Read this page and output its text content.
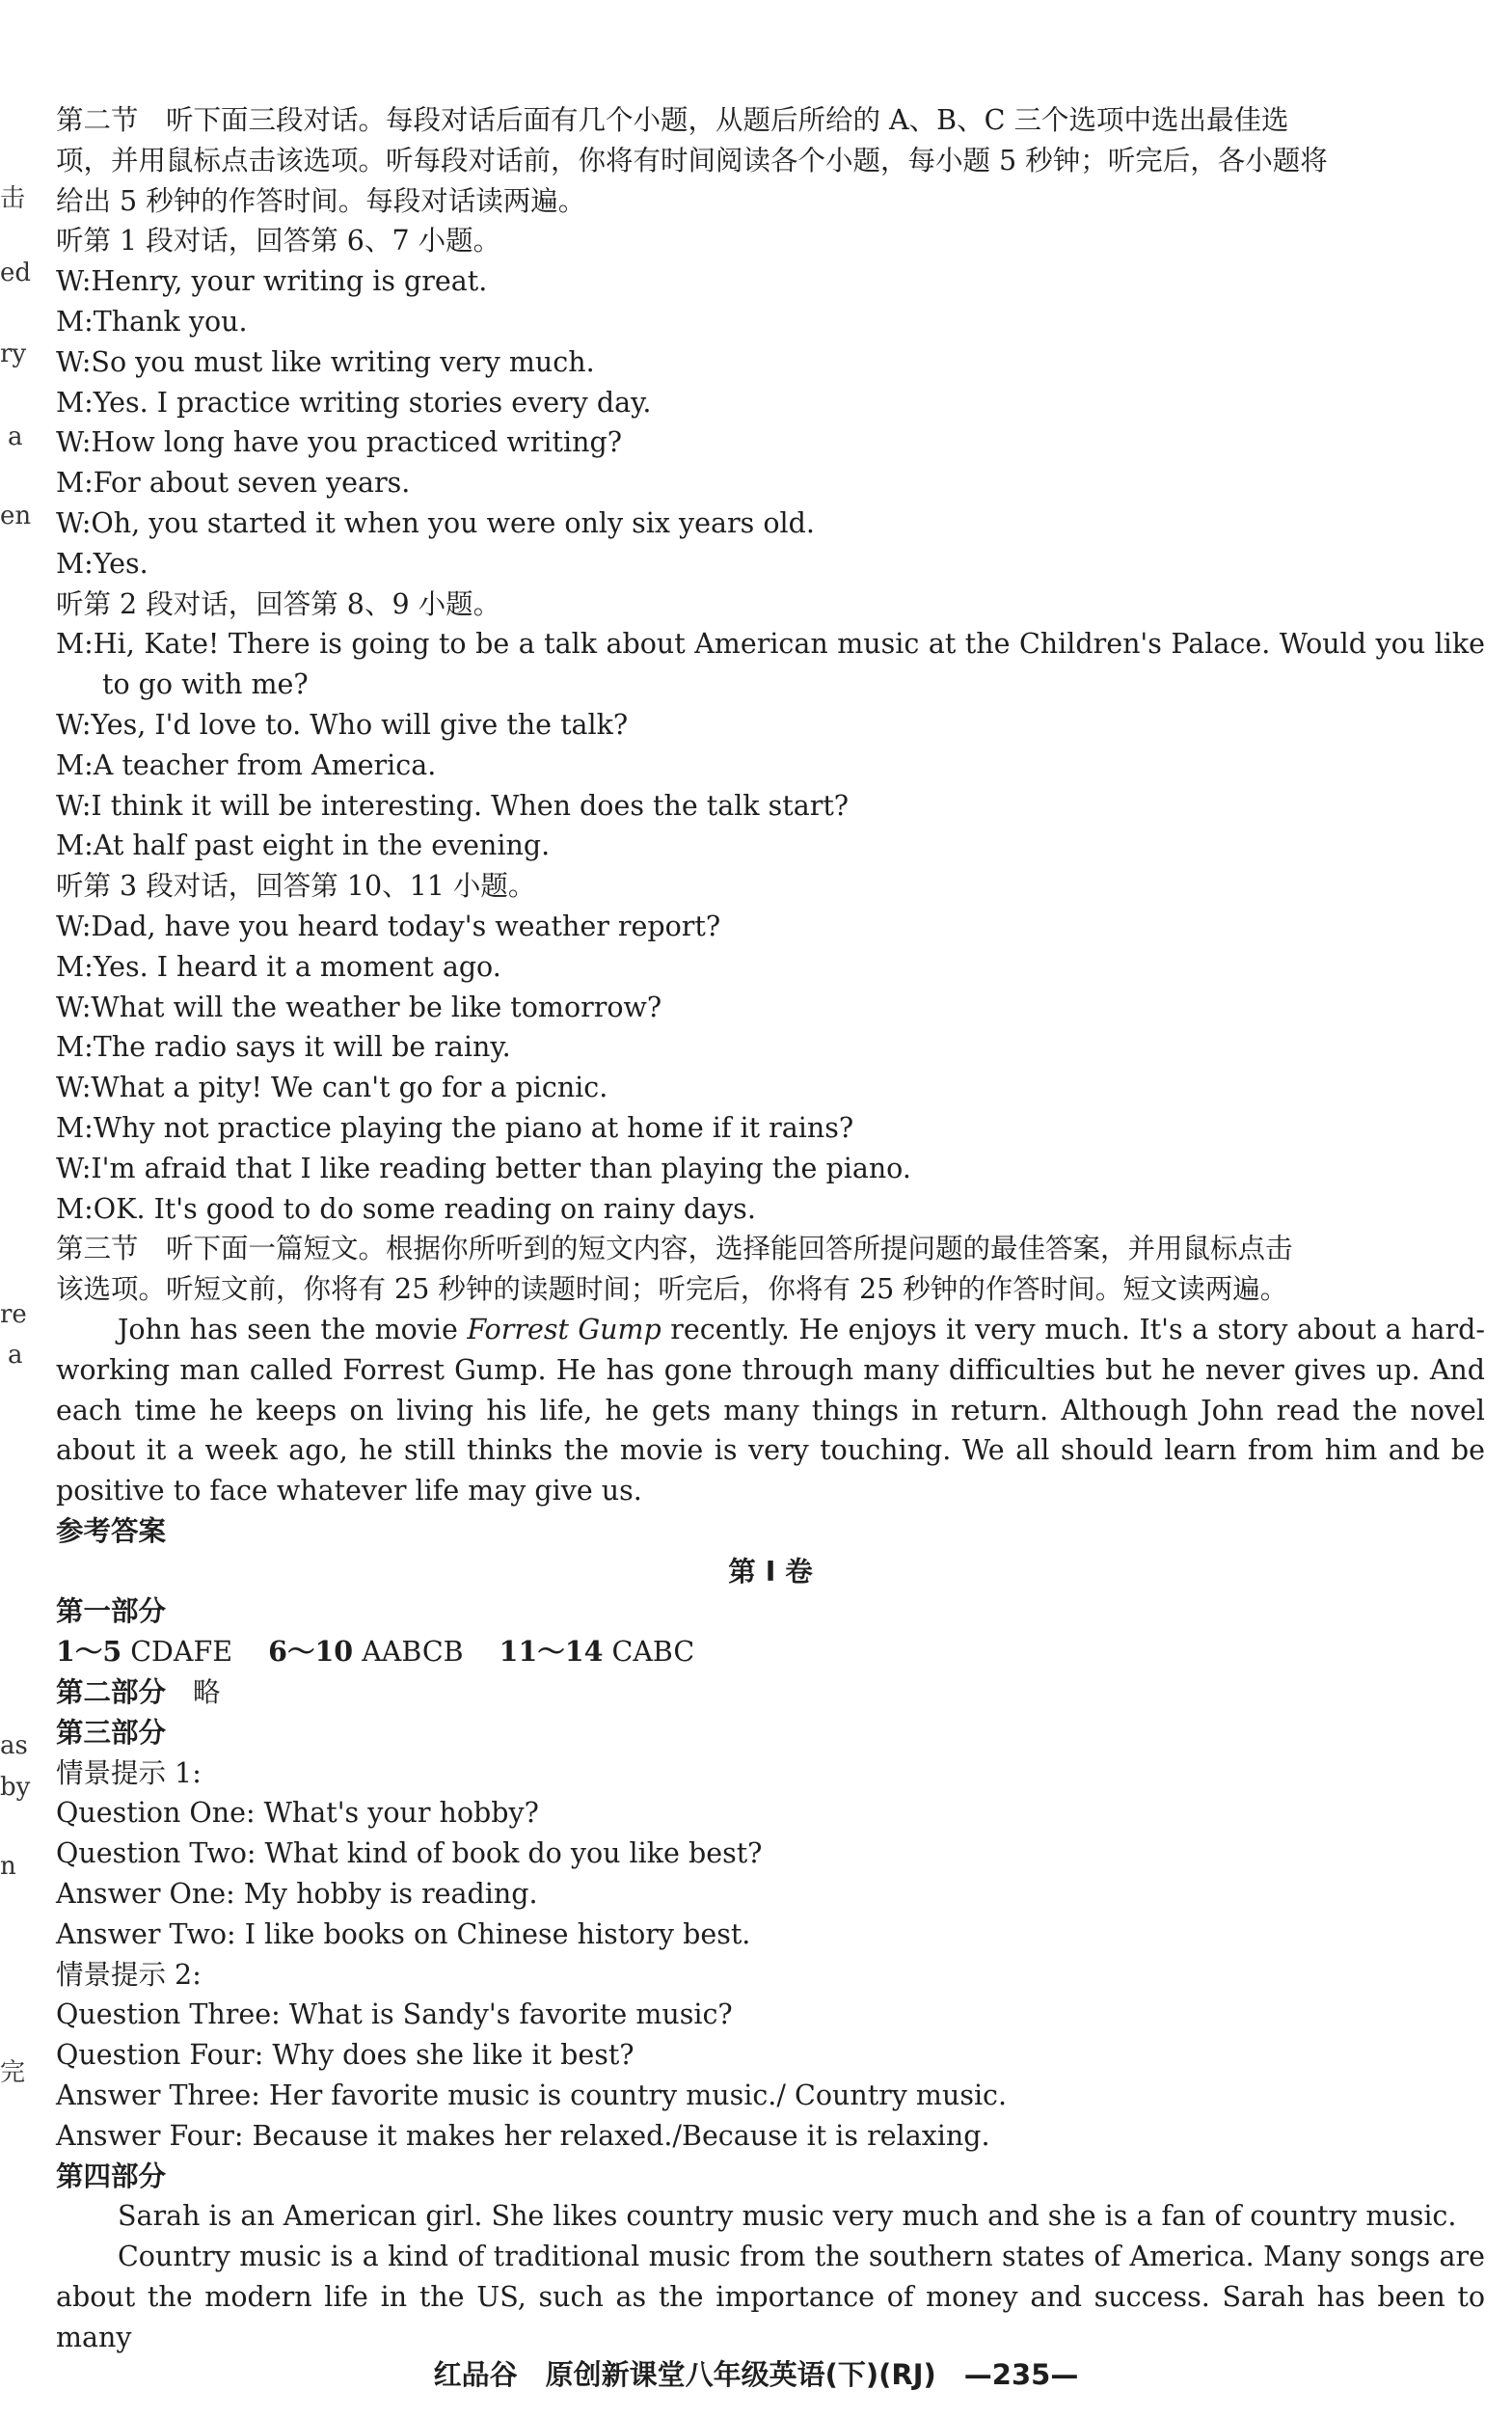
击
ed
ry
a
en
re
a
as
by
n
完
第二节　听下面三段对话。每段对话后面有几个小题，从题后所给的 A、B、C 三个选项中选出最佳选
项，并用鼠标点击该选项。听每段对话前，你将有时间阅读各个小题，每小题 5 秒钟；听完后，各小题将
给出 5 秒钟的作答时间。每段对话读两遍。
听第 1 段对话，回答第 6、7 小题。
W:Henry, your writing is great.
M:Thank you.
W:So you must like writing very much.
M:Yes. I practice writing stories every day.
W:How long have you practiced writing?
M:For about seven years.
W:Oh, you started it when you were only six years old.
M:Yes.
听第 2 段对话，回答第 8、9 小题。
M:Hi, Kate! There is going to be a talk about American music at the Children's Palace. Would you like to go with me?
W:Yes, I'd love to. Who will give the talk?
M:A teacher from America.
W:I think it will be interesting. When does the talk start?
M:At half past eight in the evening.
听第 3 段对话，回答第 10、11 小题。
W:Dad, have you heard today's weather report?
M:Yes. I heard it a moment ago.
W:What will the weather be like tomorrow?
M:The radio says it will be rainy.
W:What a pity! We can't go for a picnic.
M:Why not practice playing the piano at home if it rains?
W:I'm afraid that I like reading better than playing the piano.
M:OK. It's good to do some reading on rainy days.
第三节　听下面一篇短文。根据你所听到的短文内容，选择能回答所提问题的最佳答案，并用鼠标点击
该选项。听短文前，你将有 25 秒钟的读题时间；听完后，你将有 25 秒钟的作答时间。短文读两遍。
John has seen the movie Forrest Gump recently. He enjoys it very much. It's a story about a hard-working man called Forrest Gump. He has gone through many difficulties but he never gives up. And each time he keeps on living his life, he gets many things in return. Although John read the novel about it a week ago, he still thinks the movie is very touching. We all should learn from him and be positive to face whatever life may give us.
参考答案
第 I 卷
第一部分
1～5 CDAFE 6～10 AABCB 11～14 CABC
第二部分 略
第三部分
情景提示 1:
Question One: What's your hobby?
Question Two: What kind of book do you like best?
Answer One: My hobby is reading.
Answer Two: I like books on Chinese history best.
情景提示 2:
Question Three: What is Sandy's favorite music?
Question Four: Why does she like it best?
Answer Three: Her favorite music is country music./ Country music.
Answer Four: Because it makes her relaxed./Because it is relaxing.
第四部分
Sarah is an American girl. She likes country music very much and she is a fan of country music.
Country music is a kind of traditional music from the southern states of America. Many songs are about the modern life in the US, such as the importance of money and success. Sarah has been to many
红品谷　原创新课堂八年级英语(下)(RJ)　—235—
